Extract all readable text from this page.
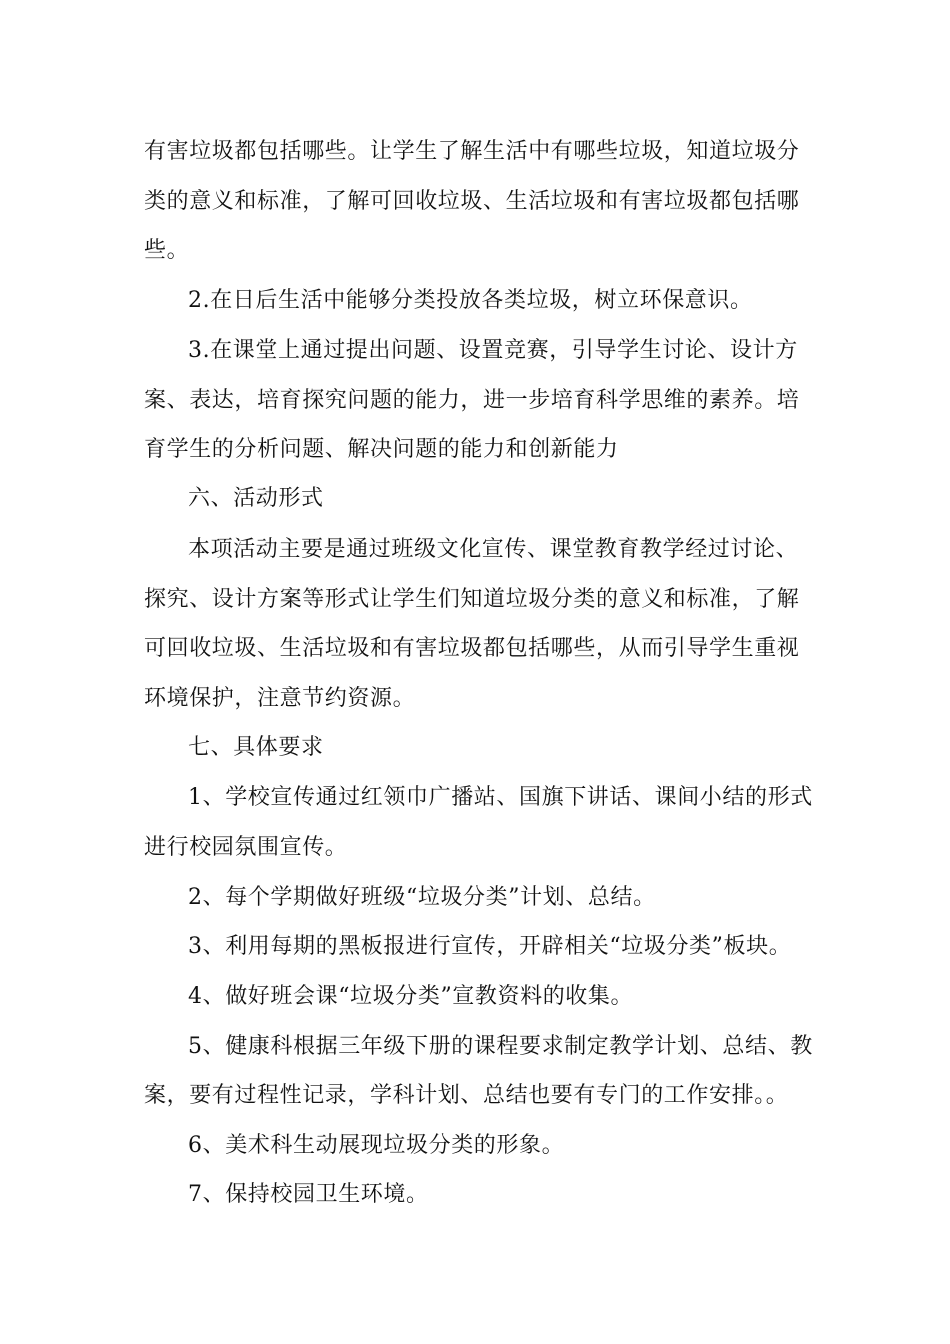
有害垃圾都包括哪些。让学生了解生活中有哪些垃圾，知道垃圾分
类的意义和标准，了解可回收垃圾、生活垃圾和有害垃圾都包括哪
些。
2.在日后生活中能够分类投放各类垃圾，树立环保意识。
3.在课堂上通过提出问题、设置竞赛，引导学生讨论、设计方
案、表达，培育探究问题的能力，进一步培育科学思维的素养。培
育学生的分析问题、解决问题的能力和创新能力
六、活动形式
本项活动主要是通过班级文化宣传、课堂教育教学经过讨论、
探究、设计方案等形式让学生们知道垃圾分类的意义和标准，了解
可回收垃圾、生活垃圾和有害垃圾都包括哪些，从而引导学生重视
环境保护，注意节约资源。
七、具体要求
1、学校宣传通过红领巾广播站、国旗下讲话、课间小结的形式
进行校园氛围宣传。
2、每个学期做好班级“垃圾分类”计划、总结。
3、利用每期的黑板报进行宣传，开辟相关“垃圾分类”板块。
4、做好班会课“垃圾分类”宣教资料的收集。
5、健康科根据三年级下册的课程要求制定教学计划、总结、教
案，要有过程性记录，学科计划、总结也要有专门的工作安排。。
6、美术科生动展现垃圾分类的形象。
7、保持校园卫生环境。
